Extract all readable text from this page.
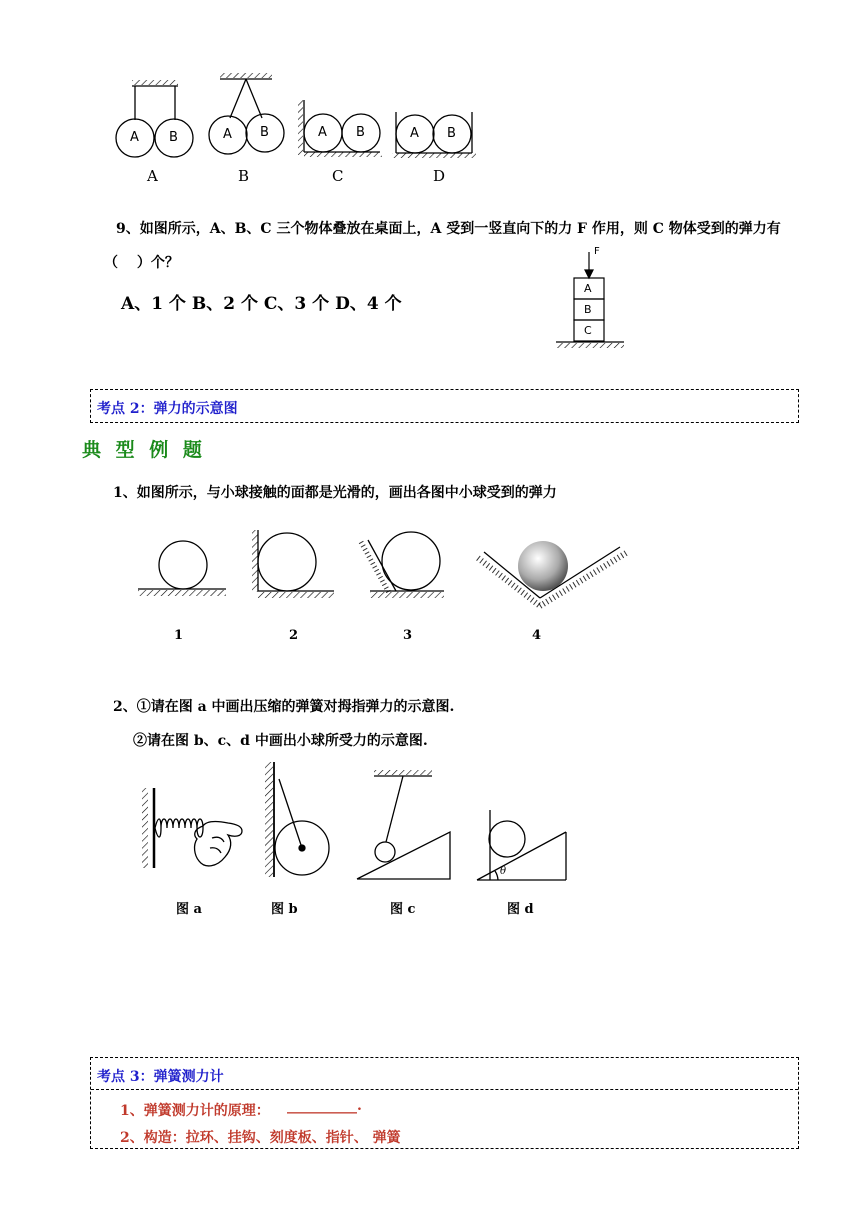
A	B	C	D
A B	A B	A B	A B
9、如图所示，A、B、C 三个物体叠放在桌面上，A 受到一竖直向下的力 F 作用，则 C 物体受到的弹力有
（　 ）个？
A、1 个 B、2 个 C、3 个 D、4 个
F
A
B
C
考点 2：弹力的示意图
典 型 例 题
1、如图所示，与小球接触的面都是光滑的，画出各图中小球受到的弹力
1	2	3	4
2、①请在图 a 中画出压缩的弹簧对拇指弹力的示意图.
②请在图 b、c、d 中画出小球所受力的示意图.
图 a	图 b	图 c	图 d
θ
考点 3：弹簧测力计
1、弹簧测力计的原理： __________.
2、构造：拉环、挂钩、刻度板、指针、 弹簧
